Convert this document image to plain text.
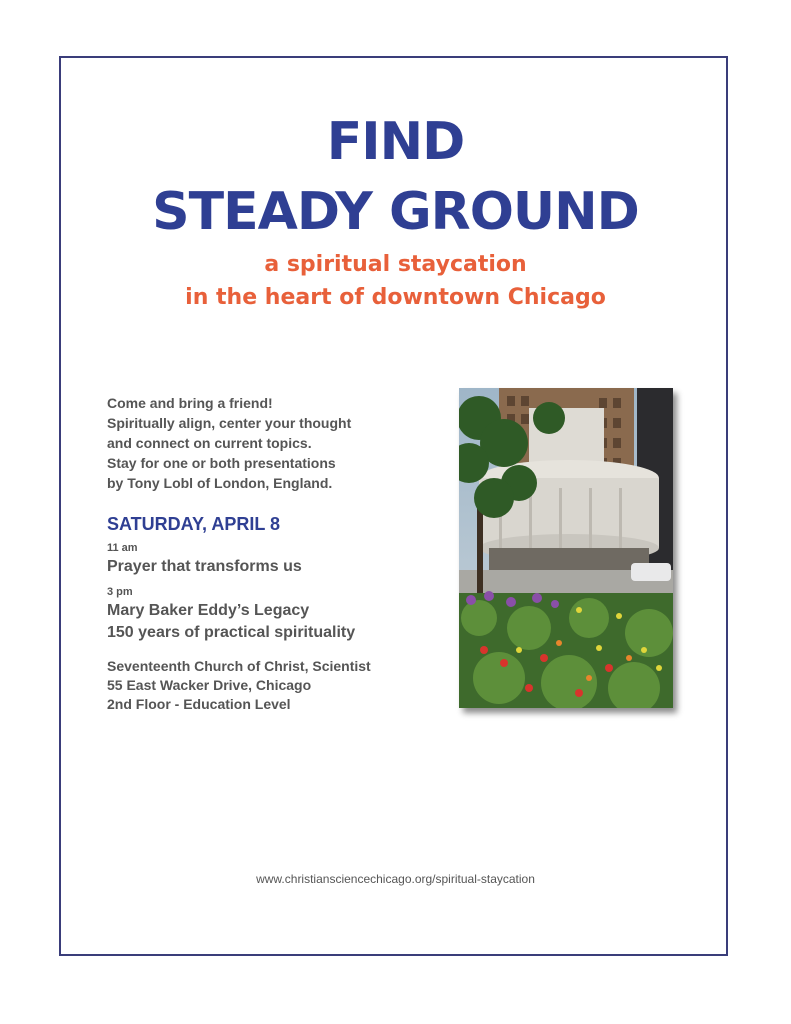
FIND
STEADY GROUND
a spiritual staycation
in the heart of downtown Chicago
Come and bring a friend!
Spiritually align, center your thought
and connect on current topics.
Stay for one or both presentations
by Tony Lobl of London, England.
SATURDAY, APRIL 8
11 am
Prayer that transforms us
3 pm
Mary Baker Eddy’s Legacy
150 years of practical spirituality
Seventeenth Church of Christ, Scientist
55 East Wacker Drive, Chicago
2nd Floor - Education Level
www.christiansciencechicago.org/spiritual-staycation
